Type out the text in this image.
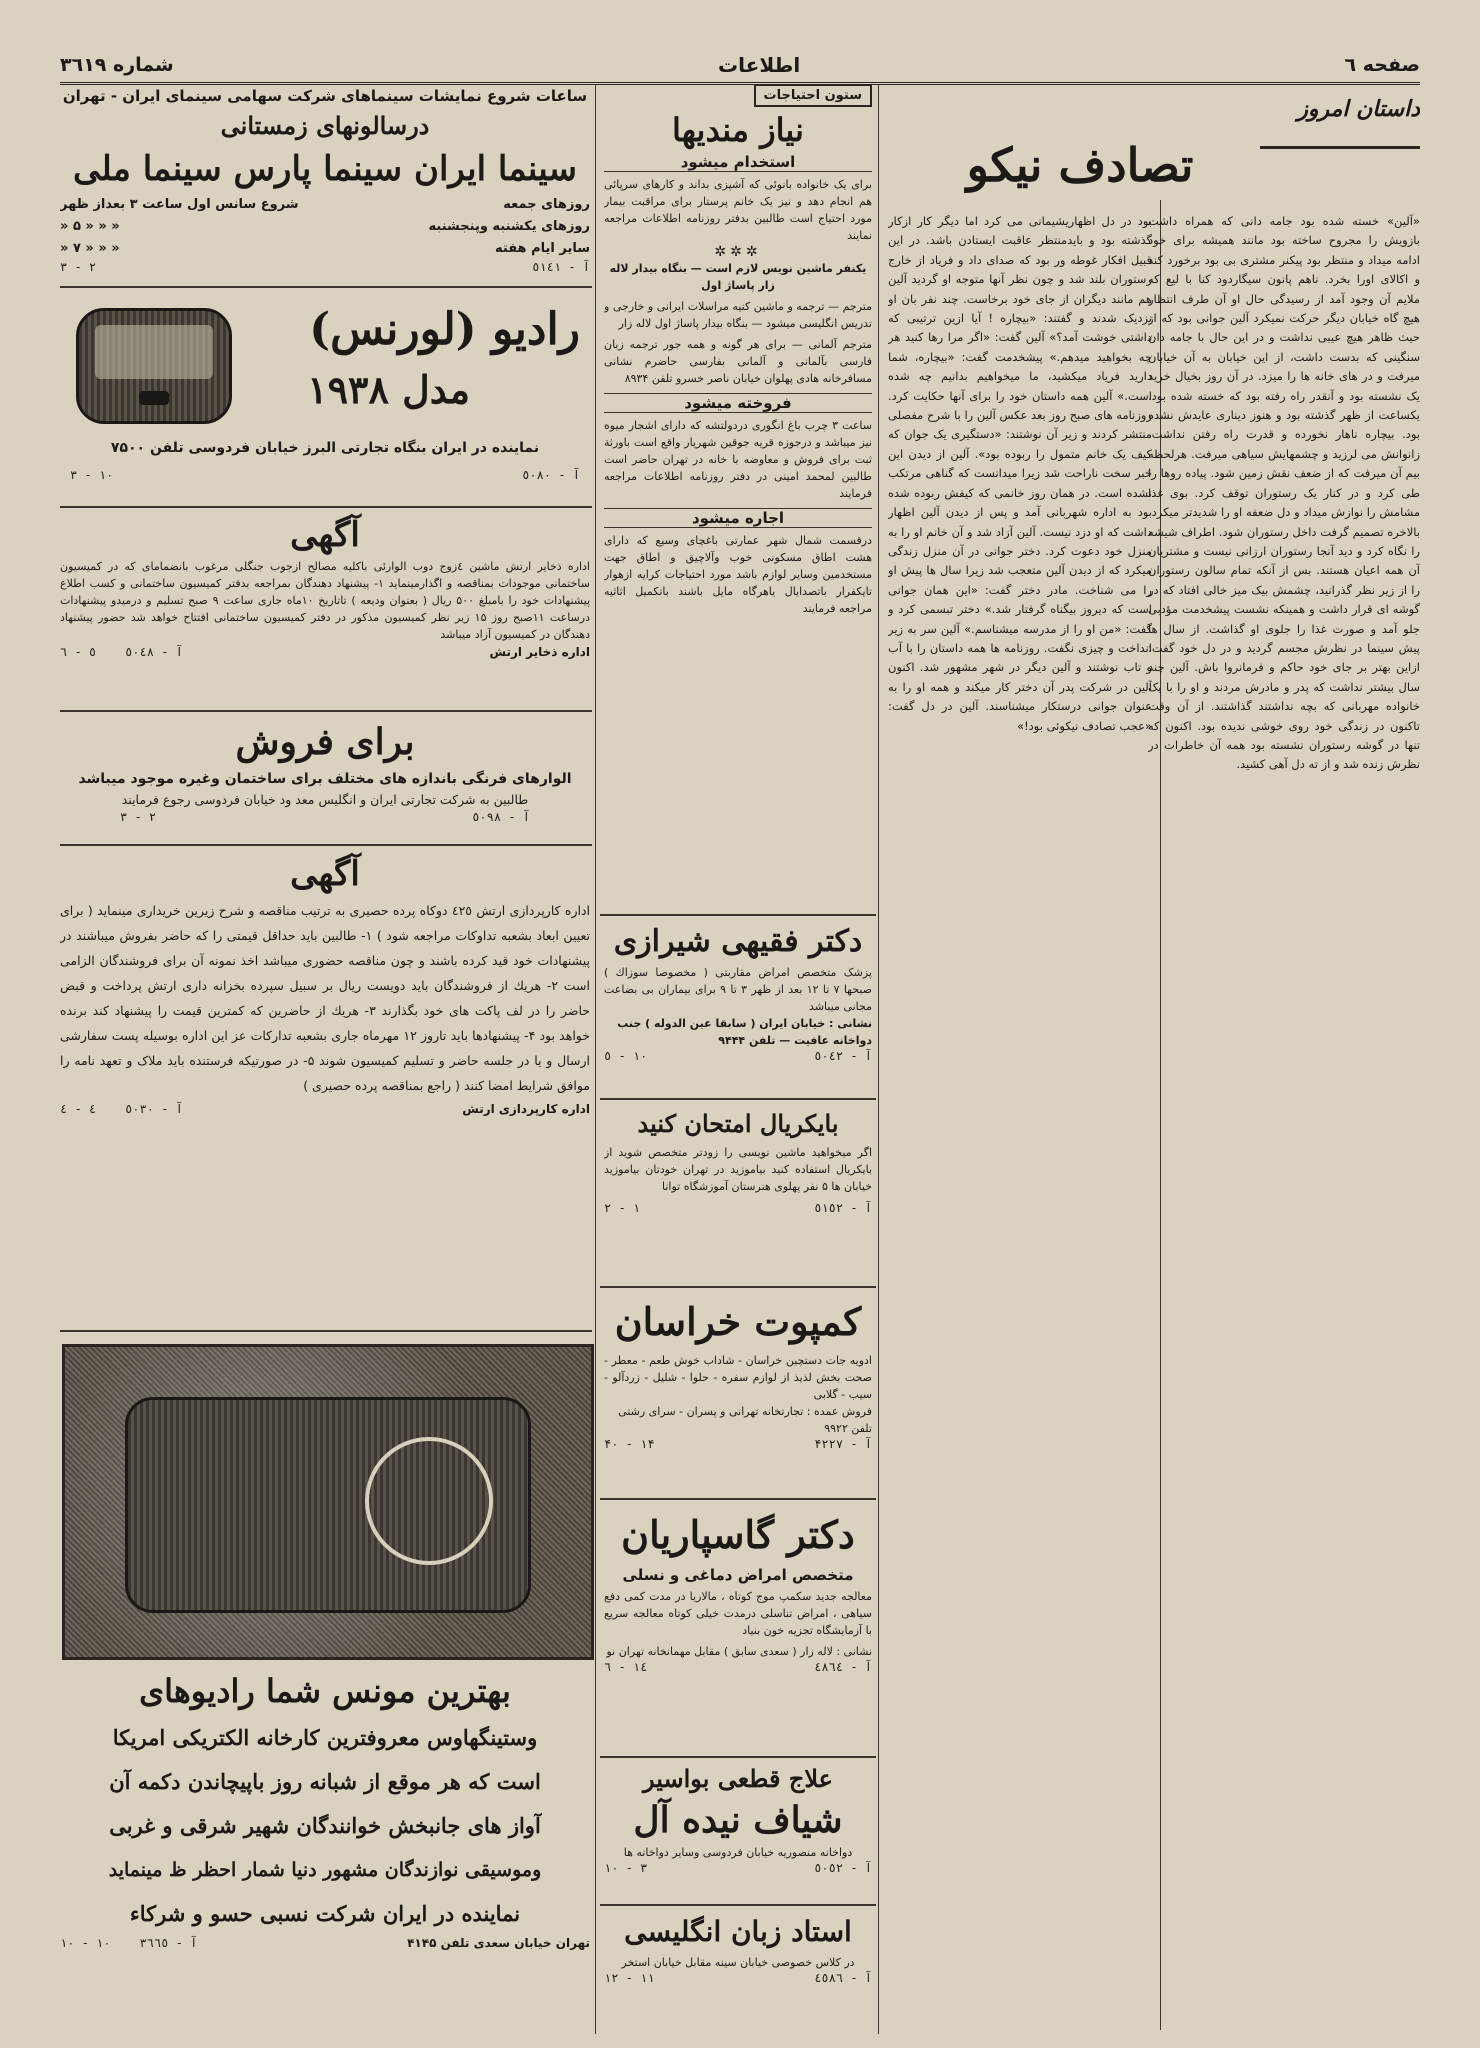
صفحه ٦
اطلاعات
شماره ۳٦۱۹
داستان امروز
تصادف نیکو
«آلین» خسته شده بود جامه دانی که همراه داشت بازویش را مجروح ساخته بود مانند همیشه برای خود ادامه میداد و منتظر بود پیکنر مشتری بی بود برخورد کند و اکالای اورا بخرد. ناهم پانون سیگاردود کنا با لیع که ملایم آن وجود آمد از رسیدگی حال او آن طرف انتظار هیچ گاه خیابان دیگر حرکت نمیکرد آلین جوانی بود که از حیث ظاهر هیچ عیبی نداشت و در این حال با جامه دان سنگینی که بدست داشت، از این خیابان به آن خیابان میرفت و در های خانه ها را میزد. در آن روز بخیال خرید یک نشسته بود و آنقدر راه رفته بود که خسته شده بود. یکساعت از ظهر گذشته بود و هنوز دیناری عایدش نشده بود. بیچاره ناهار نخورده و قدرت راه رفتن نداشت. زانوانش می لرزید و چشمهایش سیاهی میرفت. هرلحظه بیم آن میرفت که از ضعف نقش زمین شود. پیاده روها را طی کرد و در کنار یک رستوران توقف کرد. بوی غذا مشامش را نوازش میداد و دل ضعفه او را شدیدتر میکرد. بالاخره تصمیم گرفت داخل رستوران شود. اطراف شیشه را نگاه کرد و دید آنجا رستوران ارزانی نیست و مشتریان آن همه اعیان هستند. بس از آنکه تمام سالون رستوران را از زیر نظر گذرانید، چشمش بیک میز خالی افتاد که در گوشه ای قرار داشت و همینکه نشست پیشخدمت مؤدبی جلو آمد و صورت غذا را جلوی او گذاشت. از سال ها پیش سینما در نظرش مجسم گردید و در دل خود گفت: ازاین بهتر بر جای خود حاکم و فرمانروا باش. آلین چند سال بیشتر نداشت که پدر و مادرش مردند و او را با یک خانواده مهربانی که بچه نداشتند گذاشتند. از آن وقت تاکنون در زندگی خود روی خوشی ندیده بود. اکنون که تنها در گوشه رستوران نشسته بود همه آن خاطرات در نظرش زنده شد و از ته دل آهی کشید.
بود در دل اظهاریشیمانی می کرد اما دیگر کار ازکار گذشته بود و بایدمنتظر عاقبت ایستادن باشد. در این قبیل افکار غوطه ور بود که صدای داد و فریاد از خارج رستوران بلند شد و چون نظر آنها متوجه او گردید آلین هم مانند دیگران از جای خود برخاست. چند نفر بان او نزدیک شدند و گفتند: «بیچاره ! آیا ازین ترتیبی که داشتی خوشت آمد؟» آلین گفت: «اگر مرا رها کنید هر چه بخواهید میدهم.» پیشخدمت گفت: «بیچاره، شما دارید فریاد میکشید، ما میخواهیم بدانیم چه شده است.» آلین همه داستان خود را برای آنها حکایت کرد. روزنامه های صبح روز بعد عکس آلین را با شرح مفصلی منتشر کردند و زیر آن نوشتند: «دستگیری یک جوان که کیف یک خانم متمول را ربوده بود». آلین از دیدن این خبر سخت ناراحت شد زیرا میدانست که گناهی مرتکب نشده است. در همان روز خانمی که کیفش ربوده شده بود به اداره شهربانی آمد و پس از دیدن آلین اظهار داشت که او دزد نیست. آلین آزاد شد و آن خانم او را به منزل خود دعوت کرد. دختر جوانی در آن منزل زندگی میکرد که از دیدن آلین متعجب شد زیرا سال ها پیش او را می شناخت. مادر دختر گفت: «این همان جوانی است که دیروز بیگناه گرفتار شد.» دختر تبسمی کرد و گفت: «من او را از مدرسه میشناسم.» آلین سر به زیر انداخت و چیزی نگفت. روزنامه ها همه داستان را با آب و تاب نوشتند و آلین دیگر در شهر مشهور شد. اکنون آلین در شرکت پدر آن دختر کار میکند و همه او را به عنوان جوانی درستکار میشناسند. آلین در دل گفت: «عجب تصادف نیکوئی بود!»
ستون احتیاجات
نیاز مندیها
استخدام میشود
برای یک خانواده بانوئی که آشپزی بداند و کارهای سرپائی هم انجام دهد و نیز یک خانم پرستار برای مراقبت بیمار مورد احتیاج است طالبین بدفتر روزنامه اطلاعات مراجعه نمایند
✲✲✲
یکنفر ماشین نویس لازم است — بنگاه بیدار لاله زار پاساژ اول
مترجم — ترجمه و ماشین کنیه مراسلات ایرانی و خارجی و تدریس انگلیسی میشود — بنگاه بیدار پاساژ اول لاله زار
مترجم آلمانی — برای هر گونه و همه جور ترجمه زبان فارسی بآلمانی و آلمانی بفارسی حاضرم نشانی مسافرخانه هادی پهلوان خیابان ناصر خسرو تلفن ۸۹۳۴
فروخته میشود
ساعت ۳ چرب باغ انگوری دردولتشه که دارای اشجار میوه نیز میباشد و درجوزه قریه جوقین شهریار واقع است باورثة ثبت برای فروش و معاوضه با خانه در تهران حاضر است طالبین لمحمد امینی در دفتر روزنامه اطلاعات مراجعه فرمایند
اجاره میشود
درقسمت شمال شهر عمارتی باغچای وسیع که دارای هشت اطاق مسکونی خوب وآلاچیق و اطاق جهت مستخدمین وسایر لوازم باشد مورد احتیاجات کرایه ازهوار تایکفرار باتصدایال یاهرگاه مایل باشند باتکمیل اثاثیه مراجعه فرمایند
دکتر فقیهی شیرازی
پزشک متخصص امراض مقاربتی ( مخصوصا سوزاك ) صبحها ۷ تا ۱۲ بعد از ظهر ۳ تا ۹ برای بیماران بی بضاعت مجانی میباشد
نشانی : خیابان ایران ( سابقا عین الدوله ) جنب دواخانه عافیت — تلفن ۹۴۴۴
آ - ٥٠٤٢
١٠ - ٥
بایکریال امتحان کنید
اگر میخواهید ماشین نویسی را زودتر متخصص شوید از بایکریال استفاده کنید بیاموزید در تهران خودتان بیاموزید خیابان ها ۵ نفر پهلوی هنرستان آموزشگاه توانا
آ - ٥١٥٢
١ - ٢
کمپوت خراسان
ادویه جات دستچین خراسان - شاداب خوش طعم - معطر - صحت بخش لذیذ از لوازم سفره - حلوا - شلیل - زردآلو - سیب - گلابی
فروش عمده : تجارتخانه تهرانی و پسران - سرای رشتی تلفن ۹۹۲۲
آ - ۴۲۲۷
۱۴ - ۴۰
دکتر گاسپاریان
متخصص امراض دماغی و نسلی
معالجه جدید سکمپ موج کوتاه ، مالاریا در مدت کمی دفع سیاهی ، امراض تناسلی درمدت خیلی کوتاه معالجه سریع با آزمایشگاه تجزیه خون بنیاد
نشانی : لاله زار ( سعدی سابق ) مقابل مهمانخانه تهران نو
آ - ٤٨٦٤
١٤ - ٦
علاج قطعی بواسیر
شیاف نیده آل
دواخانه منصوریه خیابان فردوسی وسایر دواخانه ها
آ - ٥٠٥٢
۳ - ۱۰
استاد زبان انگلیسی
در کلاس خصوصی خیابان سینه مقابل خیابان استخر
آ - ٤٥٨٦
١١ - ١٢
ساعات شروع نمایشات سینماهای شرکت سهامی سینمای ایران - تهران
درسالونهای زمستانی
سینما ایران سینما پارس سینما ملی
روزهای جمعه
شروع سانس اول ساعت ۳ بعداز ظهر
روزهای یکشنبه وپنجشنبه
« « « ۵ «
سایر ایام هفته
« « « ۷ «
آ - ٥١٤١
۲ - ۳
رادیو (لورنس)
مدل ۱۹۳۸
نماینده در ایران بنگاه تجارتی البرز خیابان فردوسی تلفن ۷۵۰۰
آ - ٥٠٨٠
١٠ - ٣
آگهی
اداره ذخایر ارتش ماشین ٤زوج دوب الوارئی باکلیه مصالح ازجوب جنگلی مرغوب بانضمامای که در کمیسیون ساختمانی موجودات بمناقصه و اگذارمینماید ۱- پیشنهاد دهندگان بمراجعه بدفتر کمیسیون ساختمانی و کسب اطلاع پیشنهادات خود را بامبلغ ۵۰۰ ریال ( بعنوان ودیعه ) تاتاریخ ۱۰ماه جاری ساعت ۹ صبح تسلیم و درمیدو پیشنهادات درساعت ۱۱صبح روز ۱۵ زیر نظر کمیسیون مذکور در دفتر کمیسیون ساختمانی افتتاح خواهد شد حضور پیشنهاد دهندگان در کمیسیون آزاد میباشد
اداره ذخایر ارتش
آ - ٥٠٤٨    ٥ - ٦
برای فروش
الوارهای فرنگی باندازه های مختلف برای ساختمان وغیره موجود میباشد
طالبین به شرکت تجارتی ایران و انگلیس معد ود خیابان فردوسی رجوع فرمایند
آ - ٥٠٩٨
٢ - ٣
آگهی
اداره کارپردازی ارتش ٤٢٥ دوکاه پرده حصیری به ترتیب مناقصه و شرح زیرین خریداری مینماید ( برای تعیین ابعاد بشعبه تداوکات مراجعه شود ) ۱- طالبین باید حداقل قیمتی را که حاضر بفروش میباشند در پیشنهادات خود قید کرده باشند و چون مناقصه حضوری میباشد اخذ نمونه آن برای فروشندگان الزامی است ۲- هریك از فروشندگان باید دویست ریال بر سبیل سپرده بخزانه داری ارتش پرداخت و قبض حاضر را در لف پاکت های خود بگذارند ۳- هریك از حاضرین که کمترین قیمت را پیشنهاد کند برنده خواهد بود ۴- پیشنهادها باید تاروز ۱۲ مهرماه جاری بشعبه تداركات عز این اداره بوسیله پست سفارشی ارسال و یا در جلسه حاضر و تسلیم کمیسیون شوند ۵- در صورتیکه فرستنده باید ملاک و تعهد نامه را موافق شرایط امضا کنند ( راجع بمناقصه پرده حصیری )
اداره کارپردازی ارتش
آ - ٥٠٣٠    ٤ - ٤
بهترین مونس شما رادیوهای
وستینگهاوس معروفترین کارخانه الکتریکی امریکا
است که هر موقع از شبانه روز باپیچاندن دکمه آن
آواز های جانبخش خوانندگان شهیر شرقی و غربی
وموسیقی نوازندگان مشهور دنیا شمار احظر ظ مینماید
نماینده در ایران شرکت نسبی حسو و شرکاء
تهران خیابان سعدی تلفن ۴۱۴۵
آ - ٣٦٦٥    ١٠ - ١٠
